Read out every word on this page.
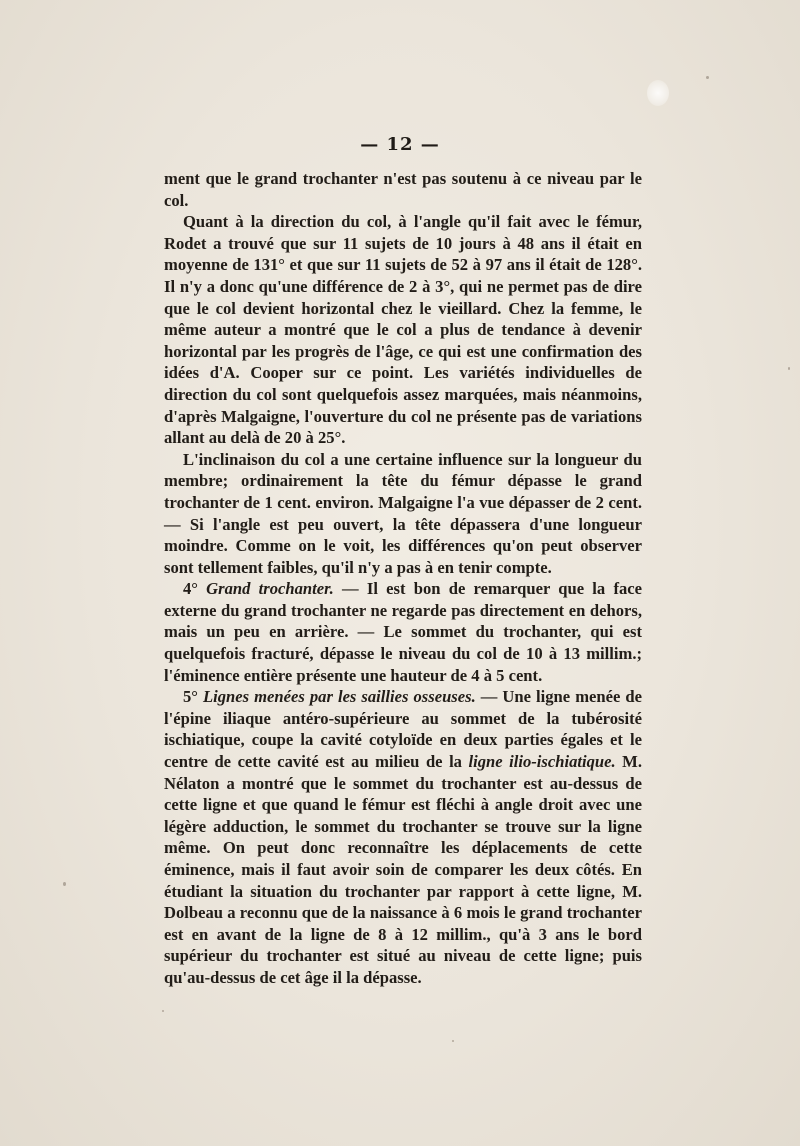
— 12 —

ment que le grand trochanter n'est pas soutenu à ce niveau par le col.

Quant à la direction du col, à l'angle qu'il fait avec le fémur, Rodet a trouvé que sur 11 sujets de 10 jours à 48 ans il était en moyenne de 131° et que sur 11 sujets de 52 à 97 ans il était de 128°. Il n'y a donc qu'une différence de 2 à 3°, qui ne permet pas de dire que le col devient horizontal chez le vieillard. Chez la femme, le même auteur a montré que le col a plus de tendance à devenir horizontal par les progrès de l'âge, ce qui est une confirmation des idées d'A. Cooper sur ce point. Les variétés individuelles de direction du col sont quelquefois assez marquées, mais néanmoins, d'après Malgaigne, l'ouverture du col ne présente pas de variations allant au delà de 20 à 25°.

L'inclinaison du col a une certaine influence sur la longueur du membre; ordinairement la tête du fémur dépasse le grand trochanter de 1 cent. environ. Malgaigne l'a vue dépasser de 2 cent. — Si l'angle est peu ouvert, la tête dépassera d'une longueur moindre. Comme on le voit, les différences qu'on peut observer sont tellement faibles, qu'il n'y a pas à en tenir compte.

4° Grand trochanter. — Il est bon de remarquer que la face externe du grand trochanter ne regarde pas directement en dehors, mais un peu en arrière. — Le sommet du trochanter, qui est quelquefois fracturé, dépasse le niveau du col de 10 à 13 millim.; l'éminence entière présente une hauteur de 4 à 5 cent.

5° Lignes menées par les saillies osseuses. — Une ligne menée de l'épine iliaque antéro-supérieure au sommet de la tubérosité ischiatique, coupe la cavité cotyloïde en deux parties égales et le centre de cette cavité est au milieu de la ligne ilio-ischiatique. M. Nélaton a montré que le sommet du trochanter est au-dessus de cette ligne et que quand le fémur est fléchi à angle droit avec une légère adduction, le sommet du trochanter se trouve sur la ligne même. On peut donc reconnaître les déplacements de cette éminence, mais il faut avoir soin de comparer les deux côtés. En étudiant la situation du trochanter par rapport à cette ligne, M. Dolbeau a reconnu que de la naissance à 6 mois le grand trochanter est en avant de la ligne de 8 à 12 millim., qu'à 3 ans le bord supérieur du trochanter est situé au niveau de cette ligne; puis qu'au-dessus de cet âge il la dépasse.
